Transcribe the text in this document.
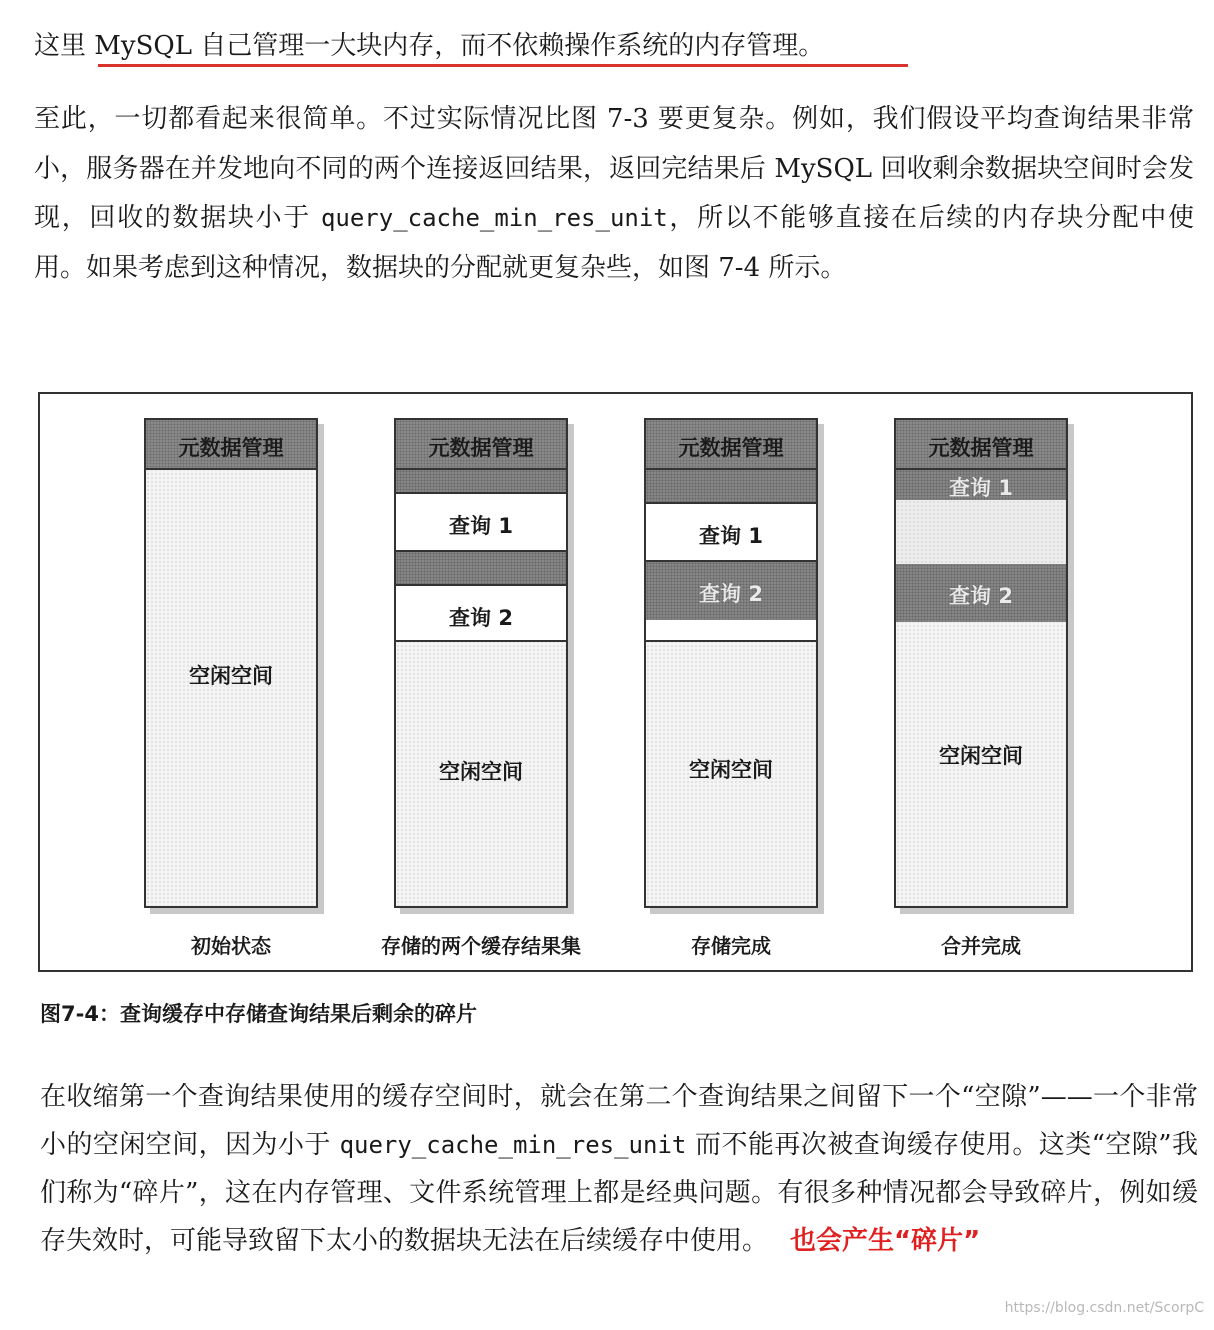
这里 MySQL 自己管理一大块内存，而不依赖操作系统的内存管理。
至此，一切都看起来很简单。不过实际情况比图 7-3 要更复杂。例如，我们假设平均查询结果非常小，服务器在并发地向不同的两个连接返回结果，返回完结果后 MySQL 回收剩余数据块空间时会发现，回收的数据块小于 query_cache_min_res_unit，所以不能够直接在后续的内存块分配中使用。如果考虑到这种情况，数据块的分配就更复杂些，如图 7-4 所示。
元数据管理
空闲空间
初始状态
元数据管理
查询 1
查询 2
空闲空间
存储的两个缓存结果集
元数据管理
查询 1
查询 2
空闲空间
存储完成
元数据管理
查询 1
查询 2
空闲空间
合并完成
图7-4：查询缓存中存储查询结果后剩余的碎片
在收缩第一个查询结果使用的缓存空间时，就会在第二个查询结果之间留下一个“空隙”——一个非常小的空闲空间，因为小于 query_cache_min_res_unit 而不能再次被查询缓存使用。这类“空隙”我们称为“碎片”，这在内存管理、文件系统管理上都是经典问题。有很多种情况都会导致碎片，例如缓存失效时，可能导致留下太小的数据块无法在后续缓存中使用。 也会产生“碎片”
https://blog.csdn.net/ScorpC
